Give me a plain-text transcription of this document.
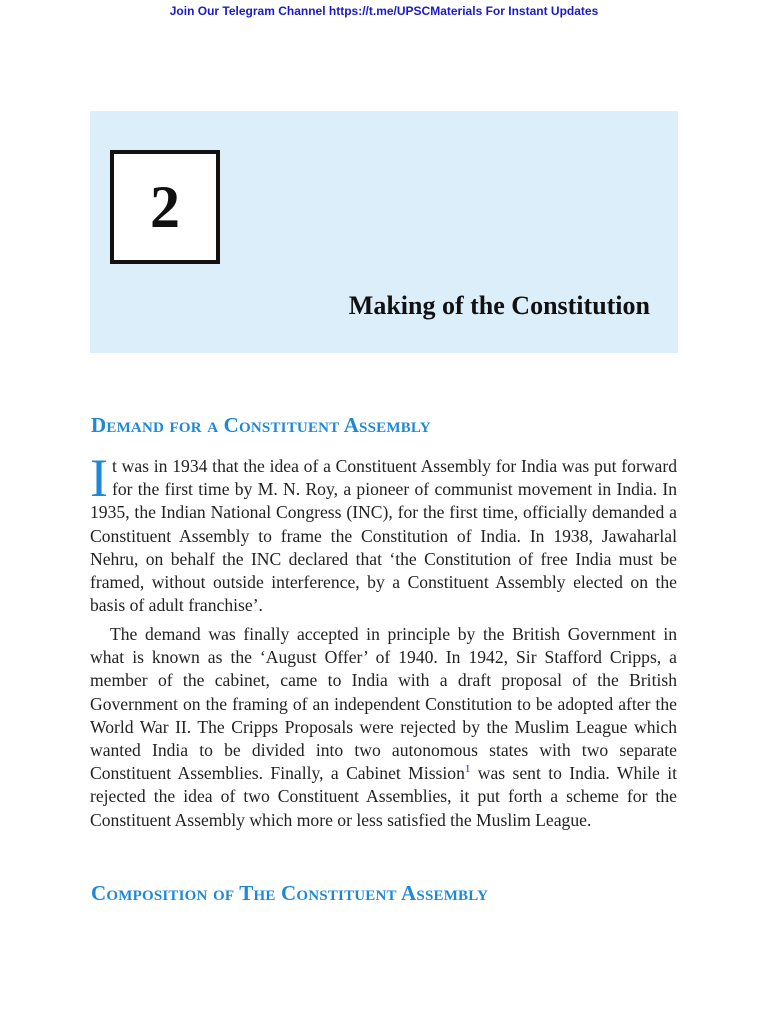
Join Our Telegram Channel https://t.me/UPSCMaterials For Instant Updates
2
Making of the Constitution
Demand for a Constituent Assembly
It was in 1934 that the idea of a Constituent Assembly for India was put forward for the first time by M. N. Roy, a pioneer of communist movement in India. In 1935, the Indian National Congress (INC), for the first time, officially demanded a Constituent Assembly to frame the Constitution of India. In 1938, Jawaharlal Nehru, on behalf the INC declared that ‘the Constitution of free India must be framed, without outside interference, by a Constituent Assembly elected on the basis of adult franchise’.
The demand was finally accepted in principle by the British Government in what is known as the ‘August Offer’ of 1940. In 1942, Sir Stafford Cripps, a member of the cabinet, came to India with a draft proposal of the British Government on the framing of an independent Constitution to be adopted after the World War II. The Cripps Proposals were rejected by the Muslim League which wanted India to be divided into two autonomous states with two separate Constituent Assemblies. Finally, a Cabinet Mission$^1$ was sent to India. While it rejected the idea of two Constituent Assemblies, it put forth a scheme for the Constituent Assembly which more or less satisfied the Muslim League.
Composition of The Constituent Assembly
